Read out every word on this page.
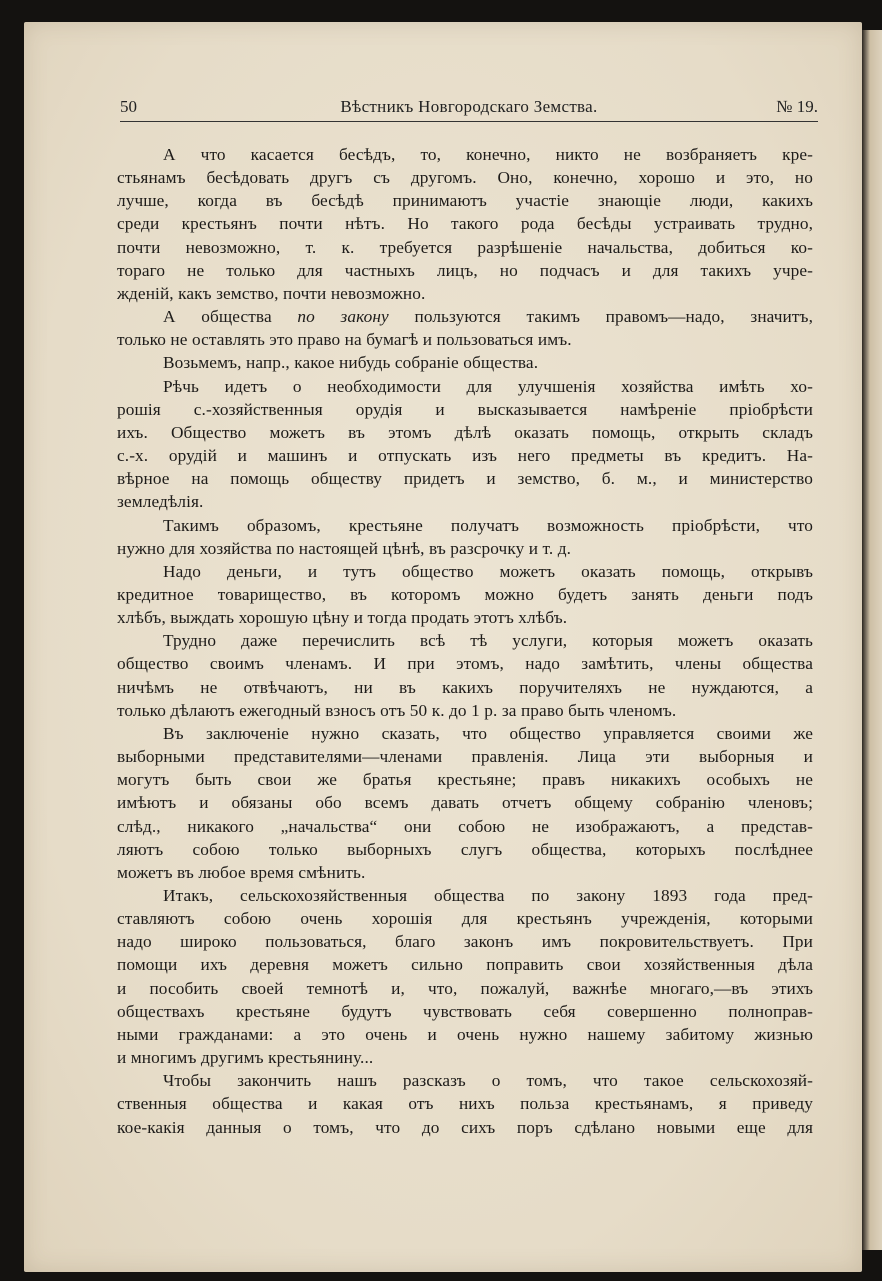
50	Вѣстникъ Новгородскаго Земства.	№ 19.

А что касается бесѣдъ, то, конечно, никто не возбраняетъ кре-
стьянамъ бесѣдовать другъ съ другомъ. Оно, конечно, хорошо и это, но
лучше, когда въ бесѣдѣ принимаютъ участіе знающіе люди, какихъ
среди крестьянъ почти нѣтъ. Но такого рода бесѣды устраивать трудно,
почти невозможно, т. к. требуется разрѣшеніе начальства, добиться ко-
тораго не только для частныхъ лицъ, но подчасъ и для такихъ учре-
жденій, какъ земство, почти невозможно.

А общества по закону пользуются такимъ правомъ—надо, значитъ,
только не оставлять это право на бумагѣ и пользоваться имъ.

Возьмемъ, напр., какое нибудь собраніе общества.

Рѣчь идетъ о необходимости для улучшенія хозяйства имѣть хо-
рошія с.-хозяйственныя орудія и высказывается намѣреніе пріобрѣсти
ихъ. Общество можетъ въ этомъ дѣлѣ оказать помощь, открыть складъ
с.-х. орудій и машинъ и отпускать изъ него предметы въ кредитъ. На-
вѣрное на помощь обществу придетъ и земство, б. м., и министерство
земледѣлія.

Такимъ образомъ, крестьяне получатъ возможность пріобрѣсти, что
нужно для хозяйства по настоящей цѣнѣ, въ разсрочку и т. д.

Надо деньги, и тутъ общество можетъ оказать помощь, открывъ
кредитное товарищество, въ которомъ можно будетъ занять деньги подъ
хлѣбъ, выждать хорошую цѣну и тогда продать этотъ хлѣбъ.

Трудно даже перечислить всѣ тѣ услуги, которыя можетъ оказать
общество своимъ членамъ. И при этомъ, надо замѣтить, члены общества
ничѣмъ не отвѣчаютъ, ни въ какихъ поручителяхъ не нуждаются, а
только дѣлаютъ ежегодный взносъ отъ 50 к. до 1 р. за право быть членомъ.

Въ заключеніе нужно сказать, что общество управляется своими же
выборными представителями—членами правленія. Лица эти выборныя и
могутъ быть свои же братья крестьяне; правъ никакихъ особыхъ не
имѣютъ и обязаны обо всемъ давать отчетъ общему собранію членовъ;
слѣд., никакого „начальства“ они собою не изображаютъ, а представ-
ляютъ собою только выборныхъ слугъ общества, которыхъ послѣднее
можетъ въ любое время смѣнить.

Итакъ, сельскохозяйственныя общества по закону 1893 года пред-
ставляютъ собою очень хорошія для крестьянъ учрежденія, которыми
надо широко пользоваться, благо законъ имъ покровительствуетъ. При
помощи ихъ деревня можетъ сильно поправить свои хозяйственныя дѣла
и пособить своей темнотѣ и, что, пожалуй, важнѣе многаго,—въ этихъ
обществахъ крестьяне будутъ чувствовать себя совершенно полноправ-
ными гражданами: а это очень и очень нужно нашему забитому жизнью
и многимъ другимъ крестьянину...

Чтобы закончить нашъ разсказъ о томъ, что такое сельскохозяй-
ственныя общества и какая отъ нихъ польза крестьянамъ, я приведу
кое-какія данныя о томъ, что до сихъ поръ сдѣлано новыми еще для
